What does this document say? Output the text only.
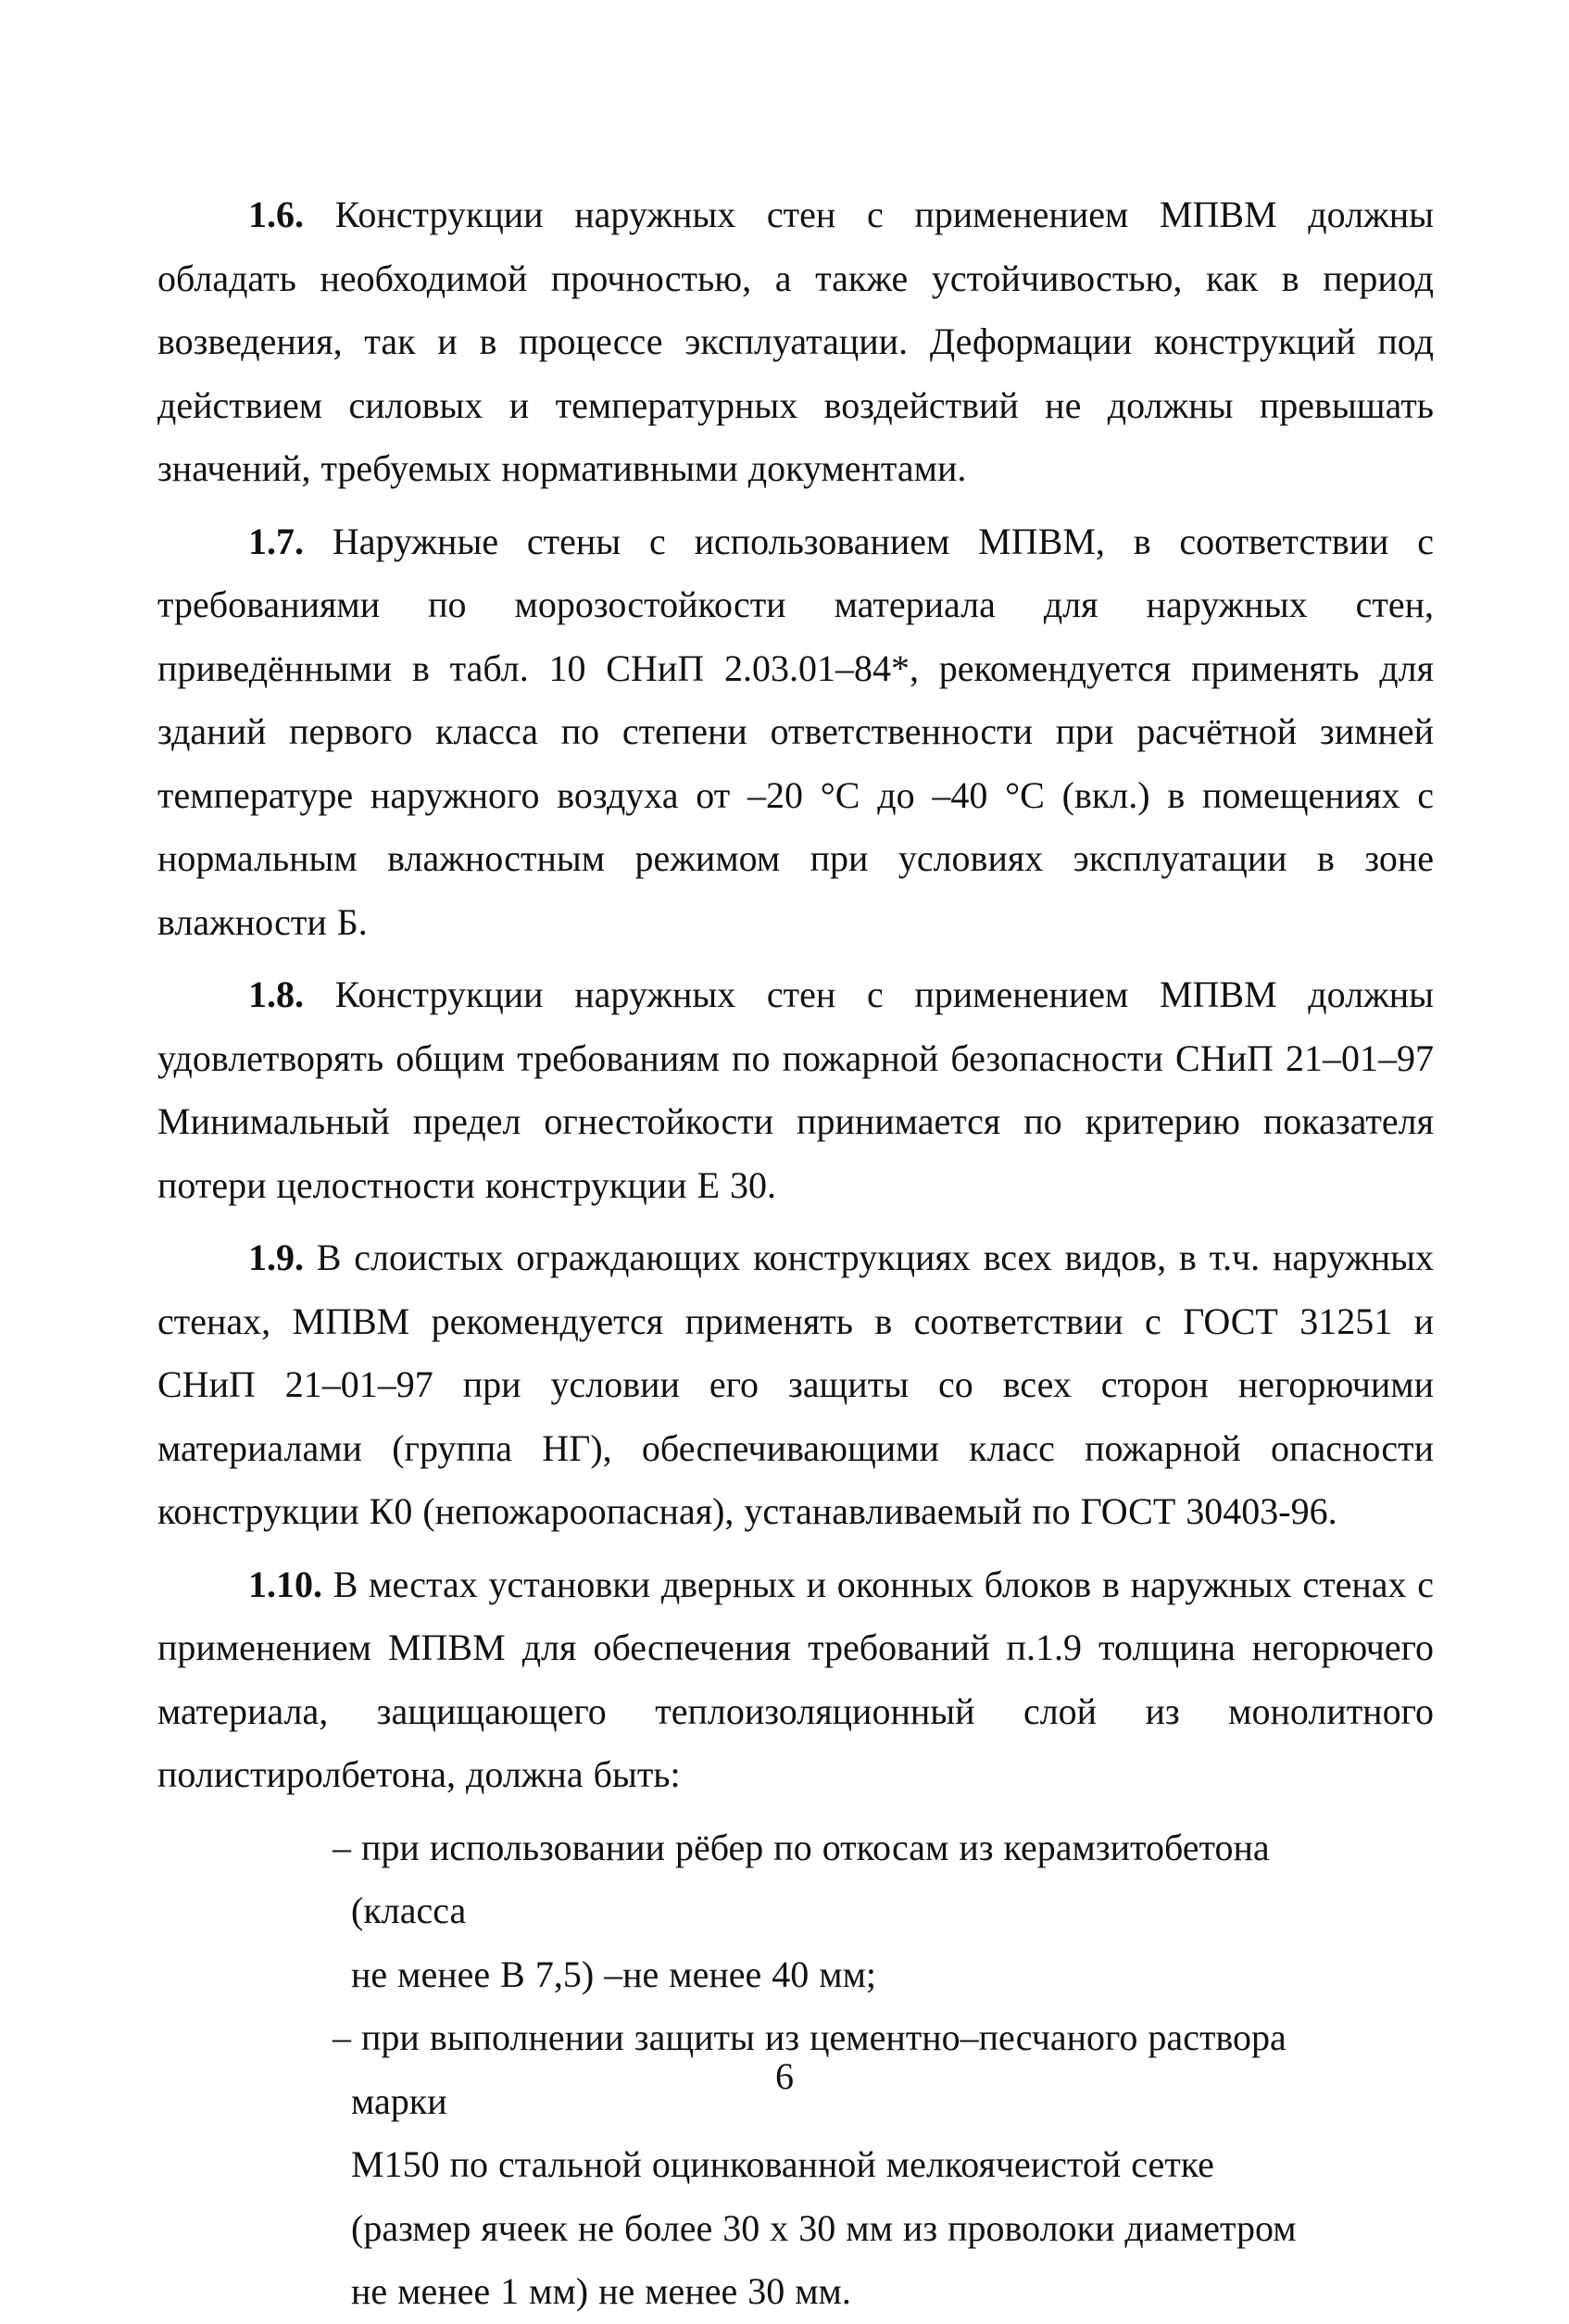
1.6. Конструкции наружных стен с применением МПВМ должны обладать необходимой прочностью, а также устойчивостью, как в период возведения, так и в процессе эксплуатации. Деформации конструкций под действием силовых и температурных воздействий не должны превышать значений, требуемых нормативными документами.

1.7. Наружные стены с использованием МПВМ, в соответствии с требованиями по морозостойкости материала для наружных стен, приведёнными в табл. 10 СНиП 2.03.01–84*, рекомендуется применять для зданий первого класса по степени ответственности при расчётной зимней температуре наружного воздуха от –20 °С до –40 °С (вкл.) в помещениях с нормальным влажностным режимом при условиях эксплуатации в зоне влажности Б.

1.8. Конструкции наружных стен с применением МПВМ должны удовлетворять общим требованиям по пожарной безопасности СНиП 21–01–97 Минимальный предел огнестойкости принимается по критерию показателя потери целостности конструкции Е 30.

1.9. В слоистых ограждающих конструкциях всех видов, в т.ч. наружных стенах, МПВМ рекомендуется применять в соответствии с ГОСТ 31251 и СНиП 21–01–97 при условии его защиты со всех сторон негорючими материалами (группа НГ), обеспечивающими класс пожарной опасности конструкции К0 (непожароопасная), устанавливаемый по ГОСТ 30403-96.

1.10. В местах установки дверных и оконных блоков в наружных стенах с применением МПВМ для обеспечения требований п.1.9 толщина негорючего материала, защищающего теплоизоляционный слой из монолитного полистиролбетона, должна быть:

– при использовании рёбер по откосам из керамзитобетона (класса
не менее В 7,5) –не менее 40 мм;
– при выполнении защиты из цементно–песчаного раствора марки
М150 по стальной оцинкованной мелкоячеистой сетке (размер ячеек не более 30 х 30 мм из проволоки диаметром не менее 1 мм) не менее 30 мм.
6
